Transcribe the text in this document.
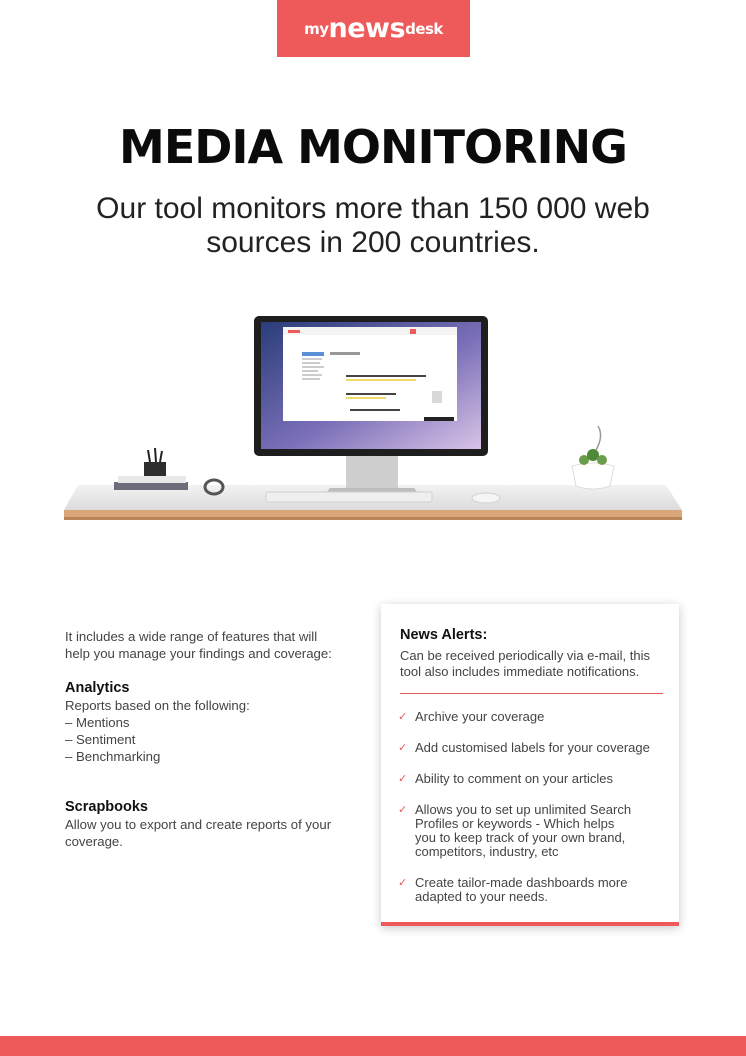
my news desk
MEDIA MONITORING
Our tool monitors more than 150 000 web
sources in 200 countries.

It includes a wide range of features that will

help you manage your findings and coverage:

Analytics

Reports based on the following:

– Mentions

– Sentiment

– Benchmarking

Scrapbooks

Allow you to export and create reports of your

coverage.

News Alerts:
Can be received periodically via e-mail, this
tool also includes immediate notifications.
✓ Archive your coverage
✓ Add customised labels for your coverage
✓ Ability to comment on your articles
✓ Allows you to set up unlimited Search
Profiles or keywords - Which helps
you to keep track of your own brand,
competitors, industry, etc
✓ Create tailor-made dashboards more
adapted to your needs.
